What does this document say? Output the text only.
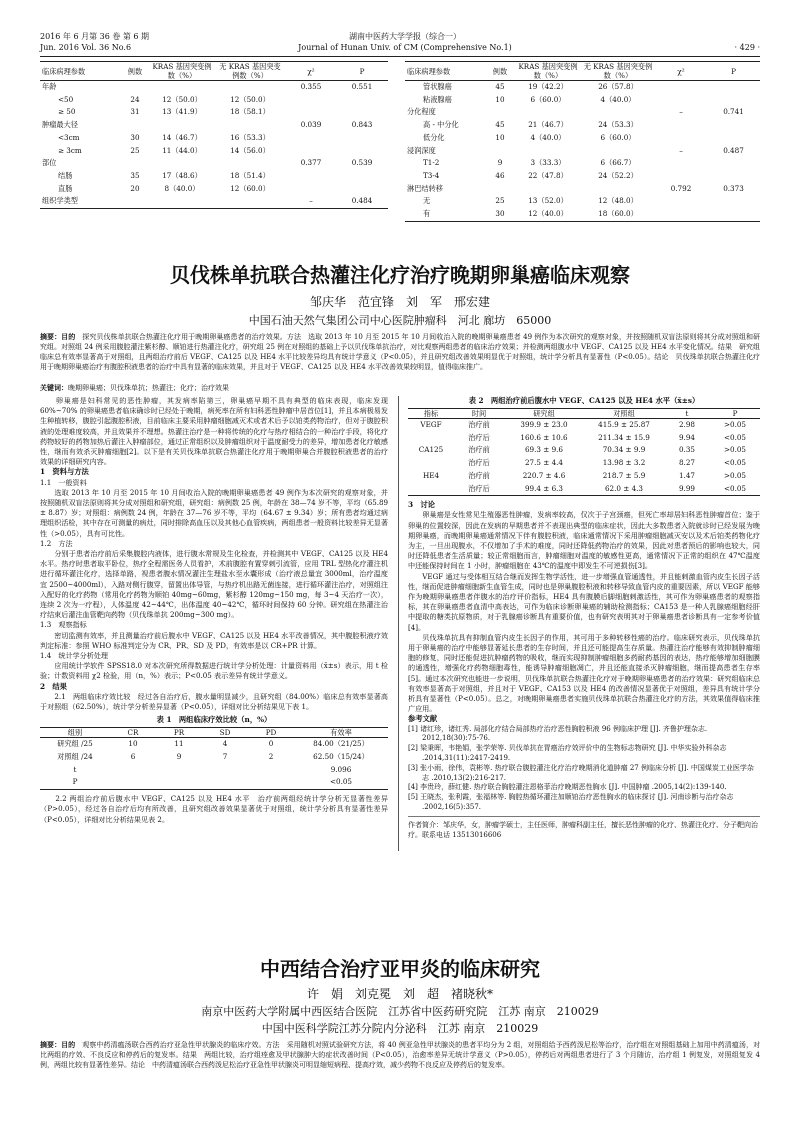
2016 年 6 月第 36 卷 第 6 期
Jun. 2016 Vol. 36 No.6
湖南中医药大学学报（综合一）
Journal of Hunan Univ. of CM (Comprehensive No.1)	· 429 ·
临床病理参数	例数	KRAS 基因突变例数（%）	无 KRAS 基因突变例数（%）	χ²	P
年龄				0.355	0.551
<50	24	12（50.0）	12（50.0）		
≥ 50	31	13（41.9）	18（58.1）		
肿瘤最大径				0.039	0.843
<3cm	30	14（46.7）	16（53.3）		
≥ 3cm	25	11（44.0）	14（56.0）		
部位				0.377	0.539
结肠	35	17（48.6）	18（51.4）		
直肠	20	8（40.0）	12（60.0）		
组织学类型				–	0.484
临床病理参数	例数	KRAS 基因突变例数（%）	无 KRAS 基因突变例数（%）	χ²	P
管状腺癌	45	19（42.2）	26（57.8）		
粘液腺癌	10	6（60.0）	4（40.0）		
分化程度				–	0.741
高 - 中分化	45	21（46.7）	24（53.3）		
低分化	10	4（40.0）	6（60.0）		
浸润深度				–	0.487
T1-2	9	3（33.3）	6（66.7）		
T3-4	46	22（47.8）	24（52.2）		
淋巴结转移				0.792	0.373
无	25	13（52.0）	12（48.0）		
有	30	12（40.0）	18（60.0）		
贝伐株单抗联合热灌注化疗治疗晚期卵巢癌临床观察
邹庆华　范宜锋　刘　军　邢宏建
中国石油天然气集团公司中心医院肿瘤科　河北 廊坊　65000
摘要：目的　探究贝伐株单抗联合热灌注化疗用于晚期卵巢癌患者的治疗效果。方法　选取 2013 年 10 月至 2015 年 10 月间收治入院的晚期卵巢癌患者 49 例作为本次研究的观察对象，并按照随机双盲法原则将其分成对照组和研究组。对照组 24 例采用腹腔灌注紫杉醇、顺铂进行热灌注化疗，研究组 25 例在对照组的基础上予以贝伐珠单抗治疗，对比观察两组患者的临床治疗效果；并检测两组腹水中 VEGF、CA125 以及 HE4 水平变化情况。结果　研究组临床总有效率显著高于对照组，且两组治疗前后 VEGF、CA125 以及 HE4 水平比较差异均具有统计学意义（P<0.05），并且研究组改善效果明显优于对照组，统计学分析具有显著性（P<0.05）。结论　贝伐珠单抗联合热灌注化疗用于晚期卵巢癌治疗有腹腔积液患者的治疗中具有显著的临床效果，并且对于 VEGF、CA125 以及 HE4 水平改善效果较明显，值得临床推广。
关键词：晚期卵巢癌；贝伐珠单抗；热灌注；化疗；治疗效果
　　卵巢癌是妇科常见的恶性肿瘤，其发病率陷第三，卵巢癌早期不具有典型的临床表现，临床发现 60%~70% 的卵巢癌患者临床确诊时已经处于晚期，病死率在所有妇科恶性肿瘤中居首位[1]，并且本病极易发生种植转移，腹腔引起腹腔积液，目前临床主要采用肿瘤细胞减灭术或者术后予以铂类药物治疗，但对于腹腔积液的处理难度较高，并且效果并不理想。热灌注治疗是一种将传统的化疗与热疗相结合的一种治疗手段，将化疗药物较好的药物加热后灌注入肿瘤部位，通过正常组织以及肿瘤组织对于温度耐受力的差异，增加患者化疗敏感性，继而有效杀灭肿瘤细胞[2]。以下是有关贝伐珠单抗联合热灌注化疗用于晚期卵巢合并腹腔积液患者的治疗效果的详细研究内容。
1　资料与方法
1.1　一般资料
　　选取 2013 年 10 月至 2015 年 10 月间收治入院的晚期卵巢癌患者 49 例作为本次研究的观察对象，并按照随机双盲法原则将其分成对照组和研究组，研究组：病例数 25 例，年龄在 38—74 岁不等，平均（65.89 ± 8.87）岁；对照组：病例数 24 例，年龄在 37—76 岁不等，平均（64.67 ± 9.34）岁；所有患者均通过病理组织活检，其中存在可测量的病灶，同时排除高血压以及其他心血管疾病，两组患者一般资料比较差异无显著性（>0.05），具有可比性。
1.2　方法
　　分别于患者治疗前后采集腹腔内液体，进行腹水常规及生化检查，并检测其中 VEGF、CA125 以及 HE4 水平。热疗时患者取平卧位，热疗全程需医务人员看护，术前腹腔有置穿刺引流管，应用 TRL 型热化疗灌注机进行循环灌注化疗，选择单路，视患者腹水情况灌注生理盐水至水囊形成（治疗液总量宜 3000ml，治疗温度宜 2500~4000ml），入路对侧行腹穿，留置出体导管，与热疗机出路无菌连接，进行循环灌注治疗，对照组注入配好的化疗药物（常用化疗药物为顺铂 40mg~60mg，紫杉醇 120mg~150 mg，每 3~4 天治疗一次），连续 2 次为一疗程），人体温度 42~44℃，出体温度 40~42℃，循环时间保持 60 分钟。研究组在热灌注治疗结束后灌注血管靶向药物（贝伐珠单抗 200mg~300 mg）。
1.3　观察指标
　　密切监测有效率，并且测量治疗前后腹水中 VEGF、CA125 以及 HE4 水平改善情况，其中腹腔积液疗效判定标准：参照 WHO 标准判定分为 CR、PR、SD 及 PD，有效率是以 CR+PR 计算。
1.4　统计学分析处理
　　应用统计学软件 SPSS18.0 对本次研究所得数据进行统计学分析处理：计量资料用（x̄±s）表示，用 t 检验；计数资料用 χ2 检验，用（n，%）表示；P<0.05 表示差异有统计学意义。
2　结果
　　2.1　两组临床疗效比较　经过各自治疗后，腹水量明显减少，且研究组（84.00%）临床总有效率显著高于对照组（62.50%），统计学分析差异显著（P<0.05），详细对比分析结果见下表 1。
表 1　两组临床疗效比较（n，%）
组别	CR	PR	SD	PD	有效率
研究组 /25	10	11	4	0	84.00（21/25）
对照组 /24	6	9	7	2	62.50（15/24）
t					9.096
P					<0.05
　　2.2 两组治疗前后腹水中 VEGF、CA125 以及 HE4 水平　治疗前两组经统计学分析无显著性差异（P>0.05），经过各自治疗后均有所改善，且研究组改善效果显著优于对照组，统计学分析具有显著性差异（P<0.05），详细对比分析结果见表 2。
表 2　两组治疗前后腹水中 VEGF、CA125 以及 HE4 水平（x̄±s）
指标	时间	研究组	对照组	t	P
VEGF	治疗前	399.9 ± 23.0	415.9 ± 25.87	2.98	>0.05
	治疗后	160.6 ± 10.6	211.34 ± 15.9	9.94	<0.05
CA125	治疗前	69.3 ± 9.6	70.34 ± 9.9	0.35	>0.05
	治疗后	27.5 ± 4.4	13.98 ± 3.2	8.27	<0.05
HE4	治疗前	220.7 ± 4.6	218.7 ± 5.9	1.47	>0.05
	治疗后	99.4 ± 6.3	62.0 ± 4.3	9.99	<0.05
3　讨论
　　卵巢癌是女性常见生殖器恶性肿瘤，发病率较高，仅次于子宫颈癌，但死亡率却居妇科恶性肿瘤首位；鉴于卵巢的位置较深，因此在发病的早期患者并不表现出典型的临床症状，因此大多数患者入院就诊时已经发展为晚期卵巢癌，而晚期卵巢癌通常情况下伴有腹腔积液，临床通常情况下采用肿瘤细胞减灭安以及术后铂类药物化疗为主，一旦出现腹水，不仅增加了手术的难度，同时还降低药物治疗的效果，因此对患者预后的影响也较大，同时还降低患者生活质量；较正常细胞而言，肿瘤细胞对温度的敏感性更高，通常情况下正常的组织在 47℃温度中还能保持时间在 1 小时，肿瘤细胞在 43℃的温度中即发生不可逆损伤[3]。
　　VEGF 通过与受体相互结合继而发挥生物学活性，进一步增强血管通透性，并且能刺激血管内皮生长因子活性，继而促进肿瘤细胞新生血管生成，同时也是卵巢腹腔积液和转移导致血管内皮的重要因素，所以 VEGF 能够作为晚期卵巢癌患者伴腹水的治疗评价指标，HE4 具有腹膜后脚细胞刺激活性，其可作为卵巢癌患者的观察指标，其在卵巢癌患者血清中高表达，可作为临床诊断卵巢癌的辅助检测指标；CA153 是一种人乳腺癌细胞经肝中提取的糖类抗原物质，对于乳腺癌诊断具有重要价值，也有研究表明其对于卵巢癌患者诊断具有一定参考价值[4]。
　　贝伐珠单抗具有抑制血管内皮生长因子的作用，其可用于多种转移性癌的治疗。临床研究表示，贝伐珠单抗用于卵巢癌的治疗中能够显著延长患者的生存时间，并且还可能提高生存质量。热灌注治疗能够有效抑制肿瘤细胞的修复，同时还能促进抗肿瘤药物的吸收，继而实现抑制肿瘤细胞多药耐药基因的表达，热疗能够增加细胞膜的通透性，增强化疗药物细胞毒性，能诱导肿瘤细胞凋亡，并且还能直接杀灭肿瘤细胞，继而提高患者生存率[5]。通过本次研究也能进一步说明，贝伐珠单抗联合热灌注化疗对于晚期卵巢癌患者的治疗效果：研究组临床总有效率显著高于对照组，并且对于 VEGF、CA153 以及 HE4 的改善情况显著优于对照组，差异具有统计学分析具有显著性（P<0.05）。总之，对晚期卵巢癌患者实施贝伐珠单抗联合热灌注化疗的方法，其效果值得临床推广应用。
参考文献
[1] 诸红珍，诸红秀. 局部化疗结合局部热疗治疗恶性胸腔积液 96 例临床护理 [J]. 齐鲁护理杂志. 2012,18(30):75-76.
[2] 梁秉晖，韦艳娟，张学荣等. 贝伐单抗在胃癌治疗效评价中的生物标志物研究 [J]. 中华实验外科杂志 .2014,31(11):2417-2419.
[3] 张小雨，徐伟，袁彬等. 热疗联合腹腔灌注化疗治疗晚期消化道肿瘤 27 例临床分析 [J]. 中国煤炭工业医学杂志 .2010,13(2):216-217.
[4] 李贵玲，薛红健. 热疗联合胸腔灌注恩格菲治疗晚期恶性胸水 [J]. 中国肿瘤 .2005,14(2):139-140.
[5] 王晓杰，张利霞，张福林等. 胸腔热循环灌注加顺铂治疗恶性胸水的临床探讨 [J]. 河南诊断与治疗杂志 .2002,16(5):357.
作者简介：邹庆华，女，肿瘤学硕士，主任医师，肿瘤科副主任，擅长恶性肿瘤的化疗、热灌注化疗、分子靶向治疗。联系电话 13513016606
中西结合治疗亚甲炎的临床研究
许　娟　刘克冕　刘　超　褚晓秋*
南京中医药大学附属中西医结合医院　江苏省中医药研究院　江苏 南京　210029
中国中医科学院江苏分院内分泌科　江苏 南京　210029
摘要：目的　观察中药清瘟汤联合西药治疗亚急性甲状腺炎的临床疗效。方法　采用随机对照试验研究方法，将 40 例亚急性甲状腺炎的患者平均分为 2 组，对照组给予西药泼尼松等治疗，治疗组在对照组基础上加用中药清瘟汤，对比两组的疗效、不良反应和停药后的复发率。结果　两组比较，治疗组痊愈及甲状腺肿大的症状改善时间（P<0.05），治愈率差异无统计学意义（P>0.05），停药后对两组患者进行了 3 个月随访，治疗组 1 例复发，对照组复发 4 例，两组比较有显著性差异。结论　中药清瘟汤联合西药泼尼松治疗亚急性甲状腺炎可明显缩短病程、提高疗效，减少药物不良反应及停药后的复发率。
